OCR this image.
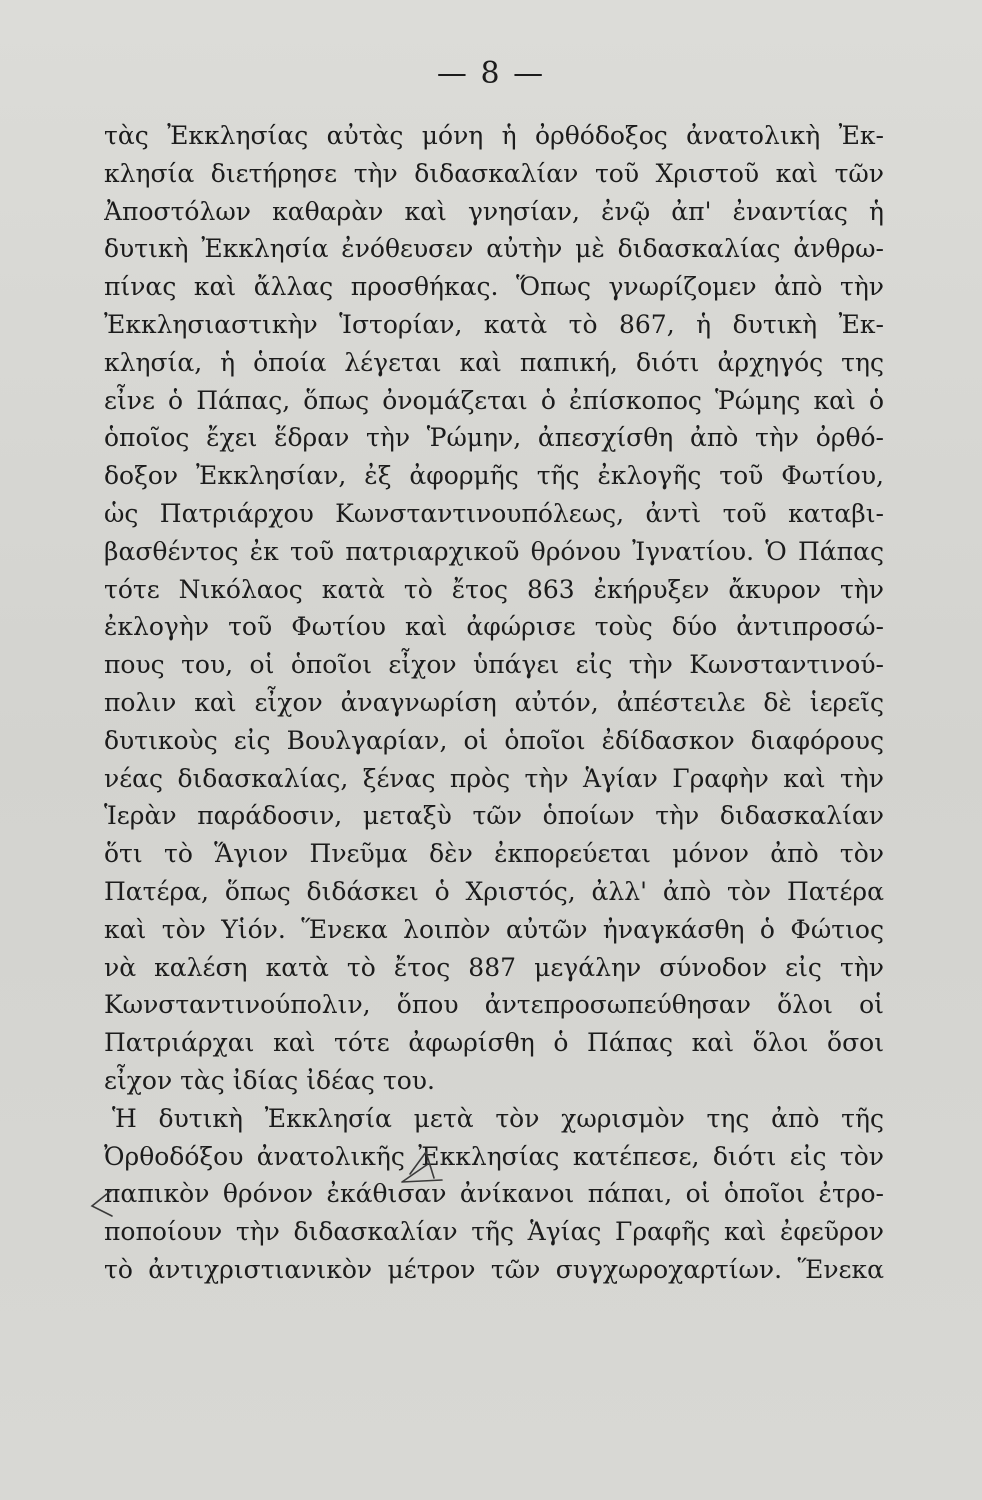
— 8 —
τὰς Ἐκκλησίας αὐτὰς μόνη ἡ ὀρθόδοξος ἀνατολικὴ Ἐκ-
κλησία διετήρησε τὴν διδασκαλίαν τοῦ Χριστοῦ καὶ τῶν
Ἀποστόλων καθαρὰν καὶ γνησίαν, ἐνῷ ἀπ' ἐναντίας ἡ
δυτικὴ Ἐκκλησία ἐνόθευσεν αὐτὴν μὲ διδασκαλίας ἀνθρω-
πίνας καὶ ἄλλας προσθήκας. Ὅπως γνωρίζομεν ἀπὸ τὴν
Ἐκκλησιαστικὴν Ἱστορίαν, κατὰ τὸ 867, ἡ δυτικὴ Ἐκ-
κλησία, ἡ ὁποία λέγεται καὶ παπική, διότι ἀρχηγός της
εἶνε ὁ Πάπας, ὅπως ὀνομάζεται ὁ ἐπίσκοπος Ῥώμης καὶ ὁ
ὁποῖος ἔχει ἕδραν τὴν Ῥώμην, ἀπεσχίσθη ἀπὸ τὴν ὀρθό-
δοξον Ἐκκλησίαν, ἐξ ἀφορμῆς τῆς ἐκλογῆς τοῦ Φωτίου,
ὡς Πατριάρχου Κωνσταντινουπόλεως, ἀντὶ τοῦ καταβι-
βασθέντος ἐκ τοῦ πατριαρχικοῦ θρόνου Ἰγνατίου. Ὁ Πάπας
τότε Νικόλαος κατὰ τὸ ἔτος 863 ἐκήρυξεν ἄκυρον τὴν
ἐκλογὴν τοῦ Φωτίου καὶ ἀφώρισε τοὺς δύο ἀντιπροσώ-
πους του, οἱ ὁποῖοι εἶχον ὑπάγει εἰς τὴν Κωνσταντινού-
πολιν καὶ εἶχον ἀναγνωρίση αὐτόν, ἀπέστειλε δὲ ἱερεῖς
δυτικοὺς εἰς Βουλγαρίαν, οἱ ὁποῖοι ἐδίδασκον διαφόρους
νέας διδασκαλίας, ξένας πρὸς τὴν Ἁγίαν Γραφὴν καὶ τὴν
Ἱερὰν παράδοσιν, μεταξὺ τῶν ὁποίων τὴν διδασκαλίαν
ὅτι τὸ Ἅγιον Πνεῦμα δὲν ἐκπορεύεται μόνον ἀπὸ τὸν
Πατέρα, ὅπως διδάσκει ὁ Χριστός, ἀλλ' ἀπὸ τὸν Πατέρα
καὶ τὸν Υἱόν. Ἕνεκα λοιπὸν αὐτῶν ἠναγκάσθη ὁ Φώτιος
νὰ καλέση κατὰ τὸ ἔτος 887 μεγάλην σύνοδον εἰς τὴν
Κωνσταντινούπολιν, ὅπου ἀντεπροσωπεύθησαν ὅλοι οἱ
Πατριάρχαι καὶ τότε ἀφωρίσθη ὁ Πάπας καὶ ὅλοι ὅσοι
εἶχον τὰς ἰδίας ἰδέας του.
Ἡ δυτικὴ Ἐκκλησία μετὰ τὸν χωρισμὸν της ἀπὸ τῆς
Ὀρθοδόξου ἀνατολικῆς Ἐκκλησίας κατέπεσε, διότι εἰς τὸν
παπικὸν θρόνον ἐκάθισαν ἀνίκανοι πάπαι, οἱ ὁποῖοι ἐτρο-
ποποίουν τὴν διδασκαλίαν τῆς Ἁγίας Γραφῆς καὶ ἐφεῦρον
τὸ ἀντιχριστιανικὸν μέτρον τῶν συγχωροχαρτίων. Ἕνεκα
